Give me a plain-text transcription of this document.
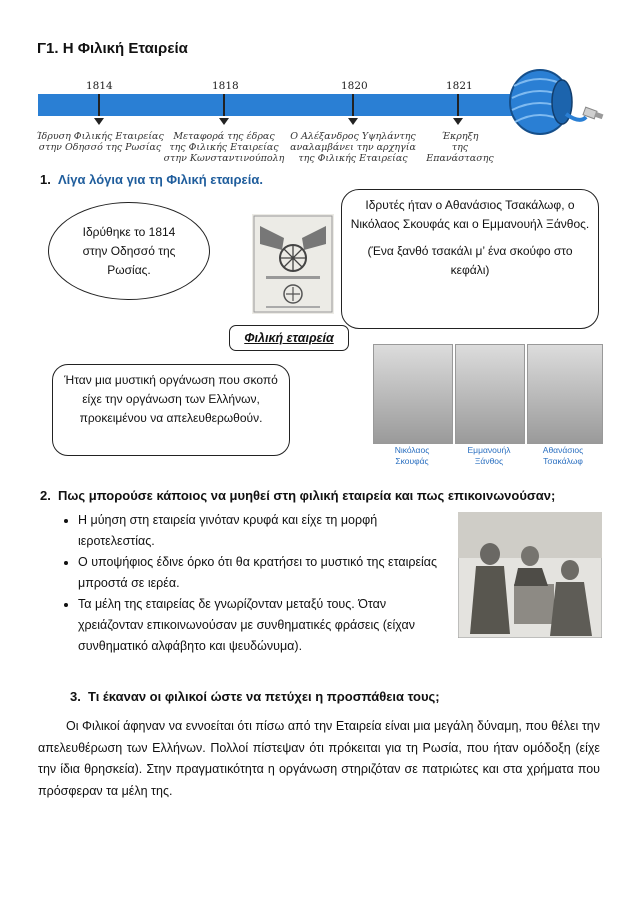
Γ1. Η Φιλική Εταιρεία
1814	1818	1820	1821
Ίδρυση Φιλικής Εταιρείας
στην Οδησσό της Ρωσίας
Μεταφορά της έδρας
της Φιλικής Εταιρείας
στην Κωνσταντινούπολη
Ο Αλέξανδρος Υψηλάντης
αναλαμβάνει την αρχηγία
της Φιλικής Εταιρείας
Έκρηξη
της
Επανάστασης
1. Λίγα λόγια για τη Φιλική εταιρεία.
Ιδρύθηκε το 1814 στην Οδησσό της Ρωσίας.
Ιδρυτές ήταν ο Αθανάσιος Τσακάλωφ, ο Νικόλαος Σκουφάς και ο Εμμανουήλ Ξάνθος.
(Ένα ξανθό τσακάλι μ’ ένα σκούφο στο κεφάλι)
Φιλική εταιρεία
Ήταν μια μυστική οργάνωση που σκοπό είχε την οργάνωση των Ελλήνων, προκειμένου να απελευθερωθούν.
Νικόλαος
Σκουφάς
Εμμανουήλ
Ξάνθος
Αθανάσιος
Τσακάλωφ
2. Πως μπορούσε κάποιος να μυηθεί στη φιλική εταιρεία και πως επικοινωνούσαν;
• Η μύηση στη εταιρεία γινόταν κρυφά και είχε τη μορφή ιεροτελεστίας.
• Ο υποψήφιος έδινε όρκο ότι θα κρατήσει το μυστικό της εταιρείας μπροστά σε ιερέα.
• Τα μέλη της εταιρείας δε γνωρίζονταν μεταξύ τους. Όταν χρειάζονταν επικοινωνούσαν με συνθηματικές φράσεις (είχαν συνθηματικό αλφάβητο και ψευδώνυμα).
3. Τι έκαναν οι φιλικοί ώστε να πετύχει η προσπάθεια τους;

Οι Φιλικοί άφηναν να εννοείται ότι πίσω από την Εταιρεία είναι μια μεγάλη δύναμη, που θέλει την απελευθέρωση των Ελλήνων. Πολλοί πίστεψαν ότι πρόκειται για τη Ρωσία, που ήταν ομόδοξη (είχε την ίδια θρησκεία). Στην πραγματικότητα η οργάνωση στηριζόταν σε πατριώτες και στα χρήματα που πρόσφεραν τα μέλη της.
